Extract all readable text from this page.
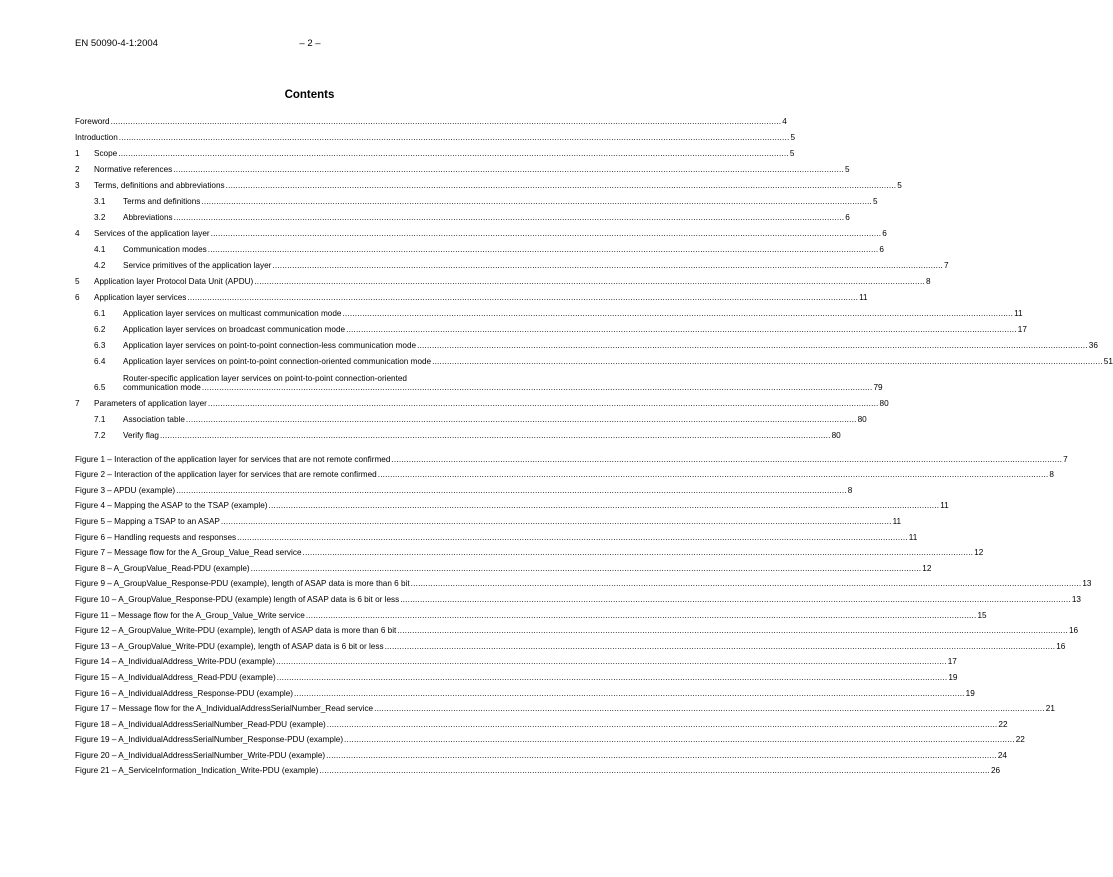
EN 50090-4-1:2004	– 2 –
Contents
Foreword .....	4
Introduction .....	5
1	Scope .....	5
2	Normative references .....	5
3	Terms, definitions and abbreviations .....	5
3.1	Terms and definitions .....	5
3.2	Abbreviations .....	6
4	Services of the application layer .....	6
4.1	Communication modes .....	6
4.2	Service primitives of the application layer .....	7
5	Application layer Protocol Data Unit (APDU) .....	8
6	Application layer services .....	11
6.1	Application layer services on multicast communication mode .....	11
6.2	Application layer services on broadcast communication mode .....	17
6.3	Application layer services on point-to-point connection-less communication mode .....	36
6.4	Application layer services on point-to-point connection-oriented communication mode .....	51
6.5
Router-specific application layer services on point-to-point connection-oriented
communication mode .....	79
7	Parameters of application layer .....	80
7.1	Association table .....	80
7.2	Verify flag .....	80
Figure 1 – Interaction of the application layer for services that are not remote confirmed .....	7
Figure 2 – Interaction of the application layer for services that are remote confirmed .....	8
Figure 3 – APDU (example) .....	8
Figure 4 – Mapping the ASAP to the TSAP (example) .....	11
Figure 5 – Mapping a TSAP to an ASAP .....	11
Figure 6 – Handling requests and responses .....	11
Figure 7 – Message flow for the A_Group_Value_Read service .....	12
Figure 8 – A_GroupValue_Read-PDU (example) .....	12
Figure 9 – A_GroupValue_Response-PDU (example), length of ASAP data is more than 6 bit .....	13
Figure 10 – A_GroupValue_Response-PDU (example) length of ASAP data is 6 bit or less .....	13
Figure 11 – Message flow for the A_Group_Value_Write service .....	15
Figure 12 – A_GroupValue_Write-PDU (example), length of ASAP data is more than 6 bit .....	16
Figure 13 – A_GroupValue_Write-PDU (example), length of ASAP data is 6 bit or less .....	16
Figure 14 – A_IndividualAddress_Write-PDU (example) .....	17
Figure 15 – A_IndividualAddress_Read-PDU (example) .....	19
Figure 16 – A_IndividualAddress_Response-PDU (example) .....	19
Figure 17 – Message flow for the A_IndividualAddressSerialNumber_Read service .....	21
Figure 18 – A_IndividualAddressSerialNumber_Read-PDU (example) .....	22
Figure 19 – A_IndividualAddressSerialNumber_Response-PDU (example) .....	22
Figure 20 – A_IndividualAddressSerialNumber_Write-PDU (example) .....	24
Figure 21 – A_ServiceInformation_Indication_Write-PDU (example) .....	26
